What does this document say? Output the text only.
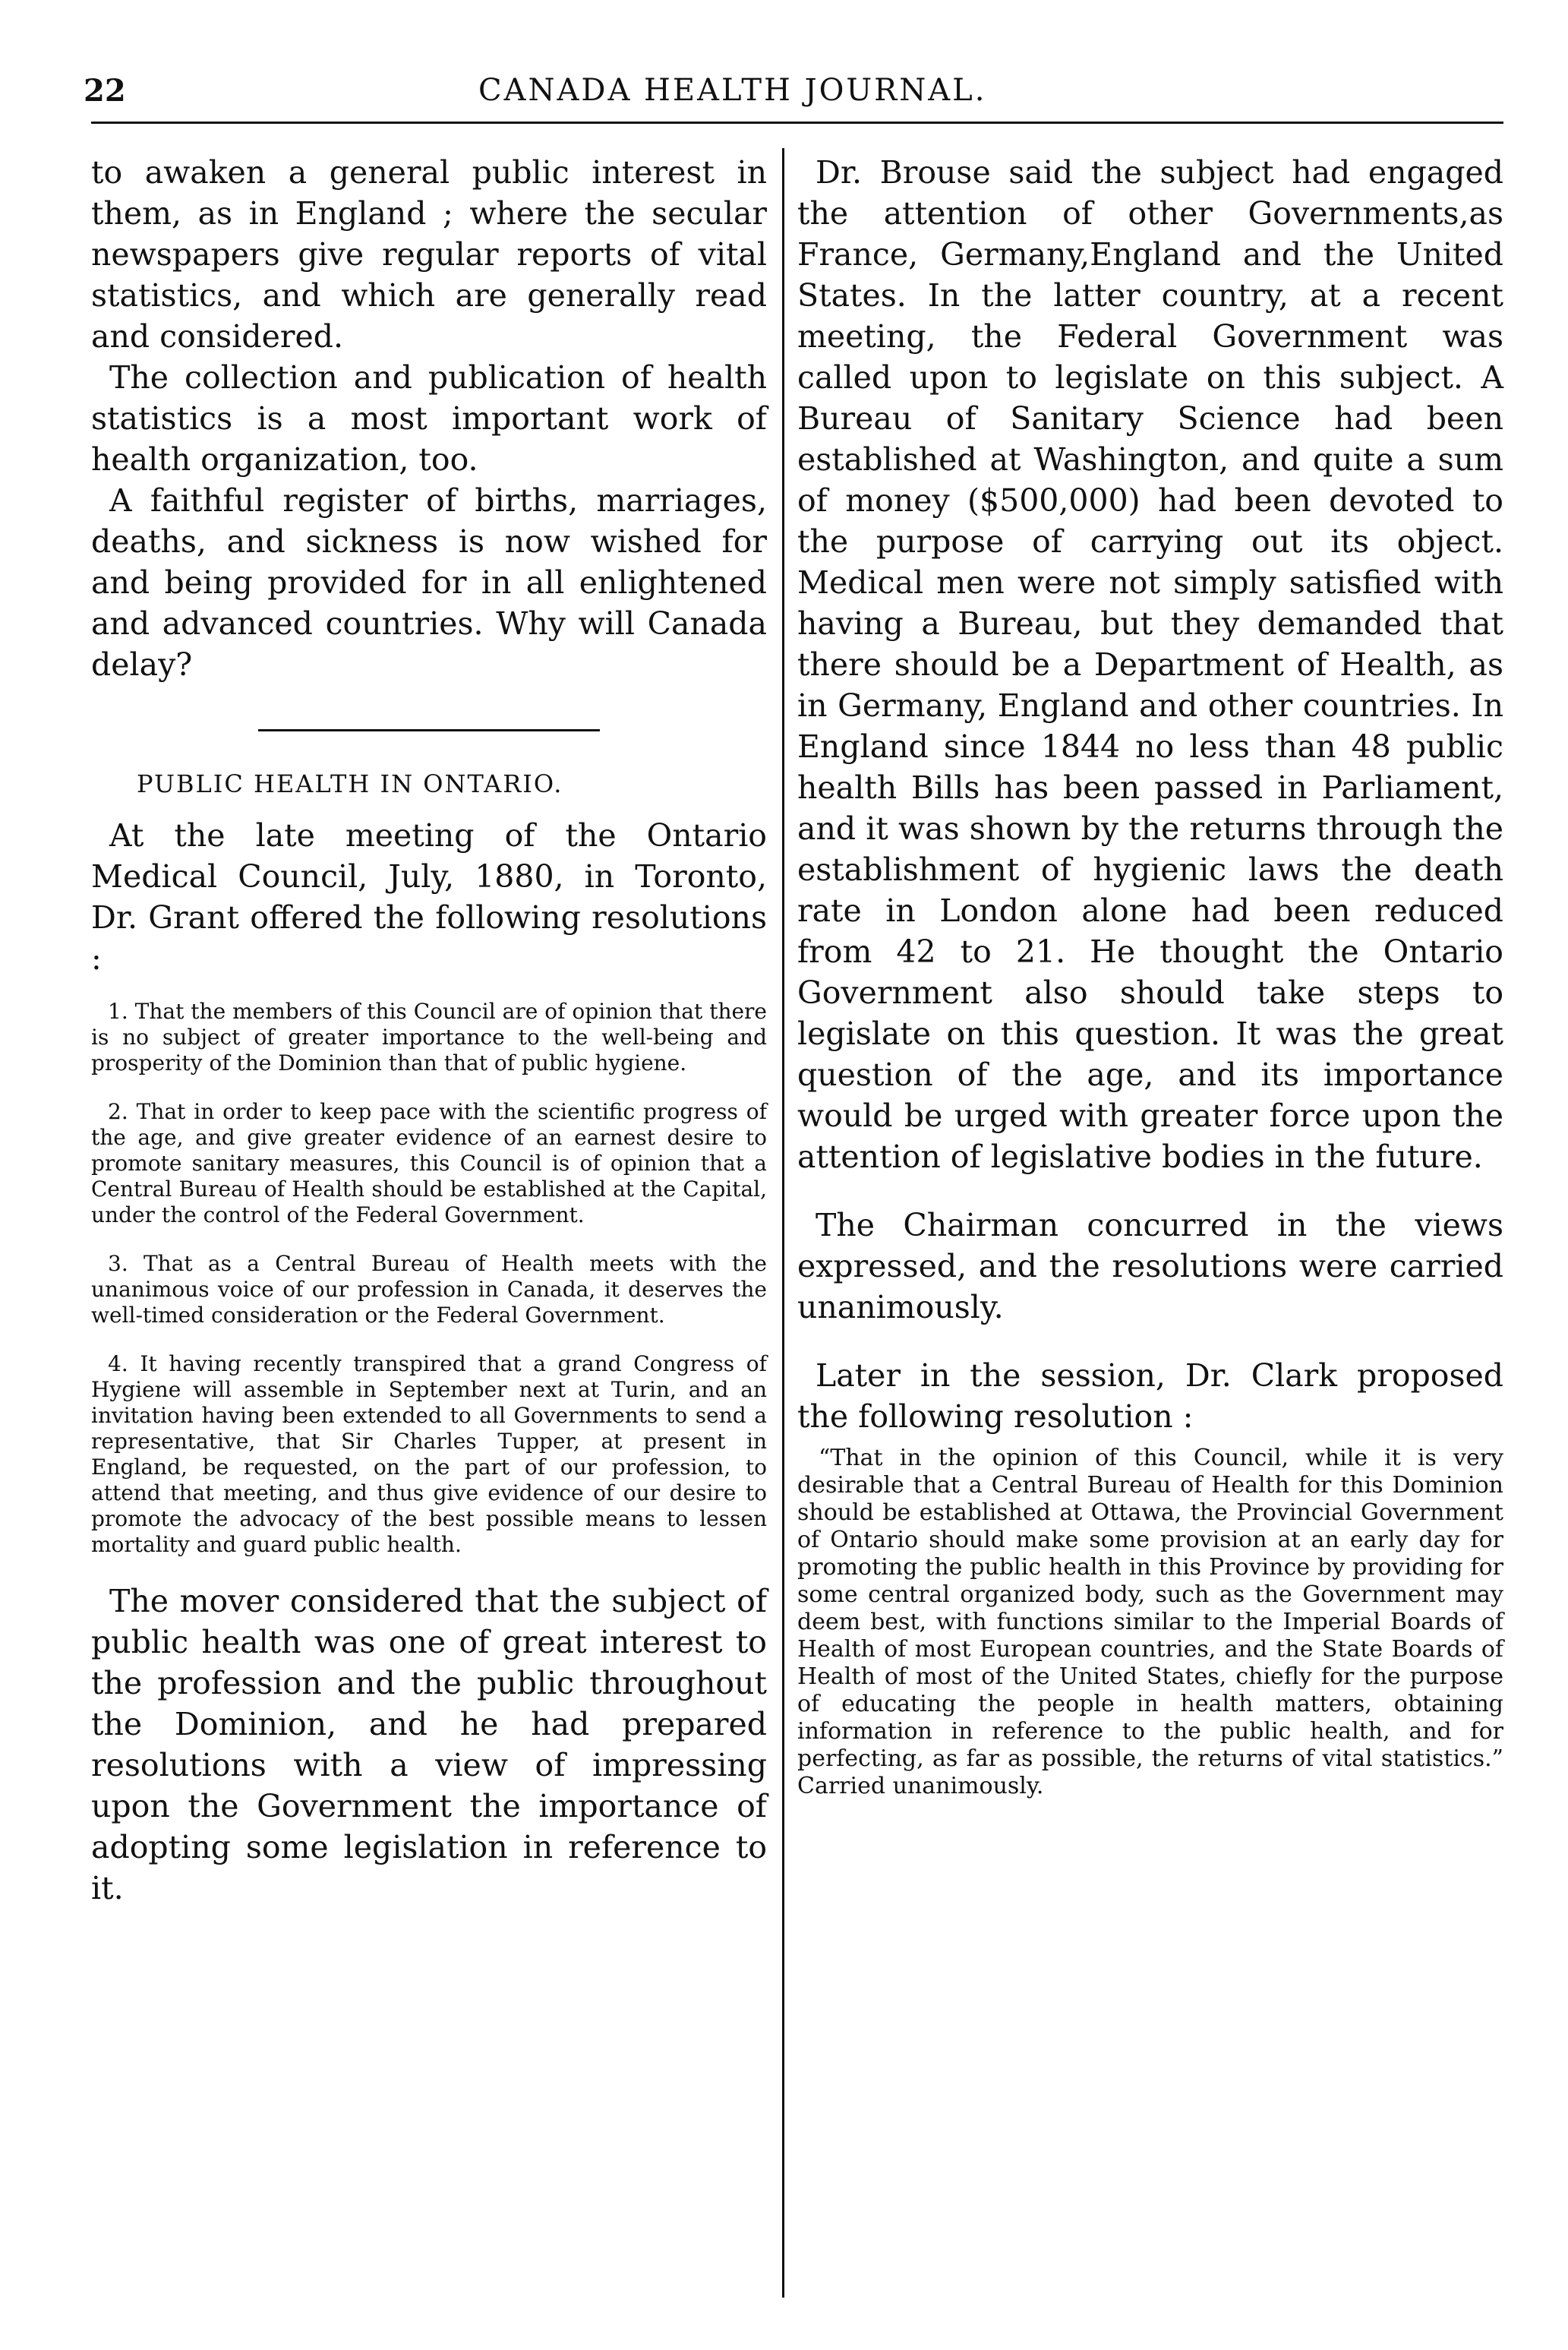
22	CANADA HEALTH JOURNAL.

to awaken a general public interest in them, as in England ; where the secular newspapers give regular reports of vital statistics, and which are generally read and considered.

The collection and publication of health statistics is a most important work of health organization, too.

A faithful register of births, marriages, deaths, and sickness is now wished for and being provided for in all enlightened and advanced countries. Why will Canada delay?

PUBLIC HEALTH IN ONTARIO.

At the late meeting of the Ontario Medical Council, July, 1880, in Toronto, Dr. Grant offered the following resolutions :

1. That the members of this Council are of opinion that there is no subject of greater importance to the well-being and prosperity of the Dominion than that of public hygiene.

2. That in order to keep pace with the scientific progress of the age, and give greater evidence of an earnest desire to promote sanitary measures, this Council is of opinion that a Central Bureau of Health should be established at the Capital, under the control of the Federal Government.

3. That as a Central Bureau of Health meets with the unanimous voice of our profession in Canada, it deserves the well-timed consideration or the Federal Government.

4. It having recently transpired that a grand Congress of Hygiene will assemble in September next at Turin, and an invitation having been extended to all Governments to send a representative, that Sir Charles Tupper, at present in England, be requested, on the part of our profession, to attend that meeting, and thus give evidence of our desire to promote the advocacy of the best possible means to lessen mortality and guard public health.

The mover considered that the subject of public health was one of great interest to the profession and the public throughout the Dominion, and he had prepared resolutions with a view of impressing upon the Government the importance of adopting some legislation in reference to it.

Dr. Brouse said the subject had engaged the attention of other Governments,as France, Germany,England and the United States. In the latter country, at a recent meeting, the Federal Government was called upon to legislate on this subject. A Bureau of Sanitary Science had been established at Washington, and quite a sum of money ($500,000) had been devoted to the purpose of carrying out its object. Medical men were not simply satisfied with having a Bureau, but they demanded that there should be a Department of Health, as in Germany, England and other countries. In England since 1844 no less than 48 public health Bills has been passed in Parliament, and it was shown by the returns through the establishment of hygienic laws the death rate in London alone had been reduced from 42 to 21. He thought the Ontario Government also should take steps to legislate on this question. It was the great question of the age, and its importance would be urged with greater force upon the attention of legislative bodies in the future.

The Chairman concurred in the views expressed, and the resolutions were carried unanimously.

Later in the session, Dr. Clark proposed the following resolution :

“That in the opinion of this Council, while it is very desirable that a Central Bureau of Health for this Dominion should be established at Ottawa, the Provincial Government of Ontario should make some provision at an early day for promoting the public health in this Province by providing for some central organized body, such as the Government may deem best, with functions similar to the Imperial Boards of Health of most European countries, and the State Boards of Health of most of the United States, chiefly for the purpose of educating the people in health matters, obtaining information in reference to the public health, and for perfecting, as far as possible, the returns of vital statistics.” Carried unanimously.
